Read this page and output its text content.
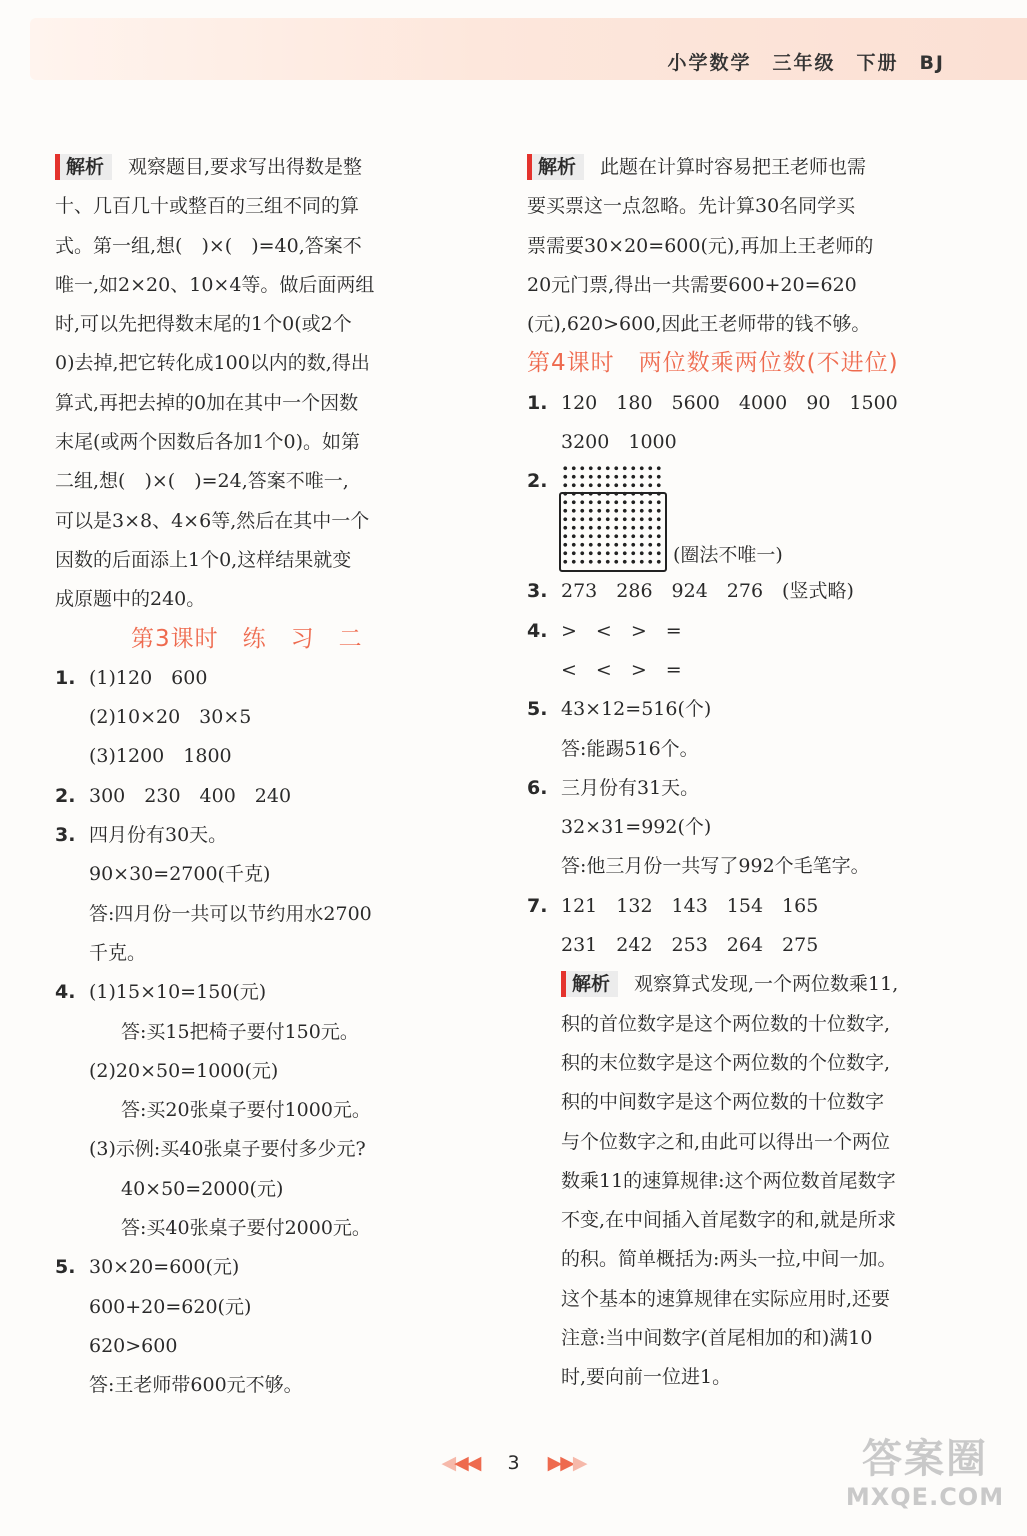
小学数学　三年级　下册　BJ
解析 观察题目,要求写出得数是整
十、几百几十或整百的三组不同的算
式。第一组,想(　)×(　)=40,答案不
唯一,如2×20、10×4等。做后面两组
时,可以先把得数末尾的1个0(或2个
0)去掉,把它转化成100以内的数,得出
算式,再把去掉的0加在其中一个因数
末尾(或两个因数后各加1个0)。如第
二组,想(　)×(　)=24,答案不唯一,
可以是3×8、4×6等,然后在其中一个
因数的后面添上1个0,这样结果就变
成原题中的240。
第3课时　练　习　二
1. (1)120　600
(2)10×20　30×5
(3)1200　1800
2. 300　230　400　240
3. 四月份有30天。
90×30=2700(千克)
答:四月份一共可以节约用水2700
千克。
4. (1)15×10=150(元)
答:买15把椅子要付150元。
(2)20×50=1000(元)
答:买20张桌子要付1000元。
(3)示例:买40张桌子要付多少元?
40×50=2000(元)
答:买40张桌子要付2000元。
5. 30×20=600(元)
600+20=620(元)
620>600
答:王老师带600元不够。
解析 此题在计算时容易把王老师也需
要买票这一点忽略。先计算30名同学买
票需要30×20=600(元),再加上王老师的
20元门票,得出一共需要600+20=620
(元),620>600,因此王老师带的钱不够。
第4课时　两位数乘两位数(不进位)
1. 120　180　5600　4000　90　1500
3200　1000
2.
(圈法不唯一)
3. 273　286　924　276　(竖式略)
4. >　<　>　=
<　<　>　=
5. 43×12=516(个)
答:能踢516个。
6. 三月份有31天。
32×31=992(个)
答:他三月份一共写了992个毛笔字。
7. 121　132　143　154　165
231　242　253　264　275
解析 观察算式发现,一个两位数乘11,
积的首位数字是这个两位数的十位数字,
积的末位数字是这个两位数的个位数字,
积的中间数字是这个两位数的十位数字
与个位数字之和,由此可以得出一个两位
数乘11的速算规律:这个两位数首尾数字
不变,在中间插入首尾数字的和,就是所求
的积。简单概括为:两头一拉,中间一加。
这个基本的速算规律在实际应用时,还要
注意:当中间数字(首尾相加的和)满10
时,要向前一位进1。
◀◀◀ 3 ▶▶▶	答案圈
MXQE.COM
